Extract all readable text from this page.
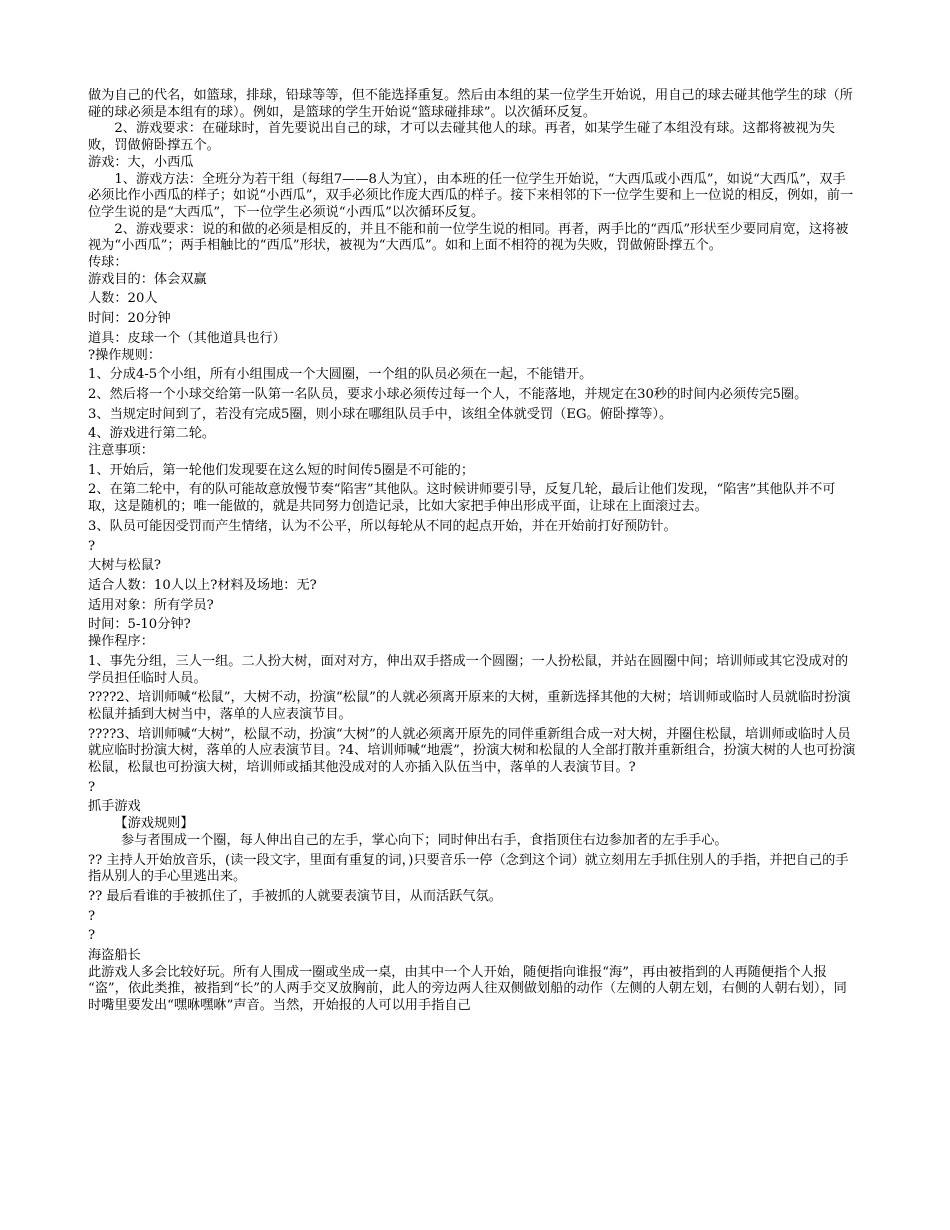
做为自己的代名，如篮球，排球，铅球等等，但不能选择重复。然后由本组的某一位学生开始说，用自己的球去碰其他学生的球（所碰的球必须是本组有的球）。例如，是篮球的学生开始说“篮球碰排球”。以次循环反复。

2、游戏要求：在碰球时，首先要说出自己的球，才可以去碰其他人的球。再者，如某学生碰了本组没有球。这都将被视为失败，罚做俯卧撑五个。

游戏：大，小西瓜

1、游戏方法：全班分为若干组（每组7——8人为宜），由本班的任一位学生开始说，“大西瓜或小西瓜”，如说“大西瓜”，双手必须比作小西瓜的样子；如说“小西瓜”，双手必须比作庞大西瓜的样子。接下来相邻的下一位学生要和上一位说的相反，例如，前一位学生说的是“大西瓜”，下一位学生必须说“小西瓜”以次循环反复。

2、游戏要求：说的和做的必须是相反的，并且不能和前一位学生说的相同。再者，两手比的“西瓜”形状至少要同肩宽，这将被视为“小西瓜”；两手相触比的“西瓜”形状，被视为“大西瓜”。如和上面不相符的视为失败，罚做俯卧撑五个。

传球：

游戏目的：体会双赢

人数：20人

时间：20分钟

道具：皮球一个（其他道具也行）

?操作规则：

1、分成4-5个小组，所有小组围成一个大圆圈，一个组的队员必须在一起，不能错开。

2、然后将一个小球交给第一队第一名队员，要求小球必须传过每一个人，不能落地，并规定在30秒的时间内必须传完5圈。

3、当规定时间到了，若没有完成5圈，则小球在哪组队员手中，该组全体就受罚（EG。俯卧撑等）。

4、游戏进行第二轮。

注意事项：

1、开始后，第一轮他们发现要在这么短的时间传5圈是不可能的；

2、在第二轮中，有的队可能故意放慢节奏“陷害”其他队。这时候讲师要引导，反复几轮，最后让他们发现，“陷害”其他队并不可取，这是随机的；唯一能做的，就是共同努力创造记录，比如大家把手伸出形成平面，让球在上面滚过去。

3、队员可能因受罚而产生情绪，认为不公平，所以每轮从不同的起点开始，并在开始前打好预防针。

?

大树与松鼠?

适合人数：10人以上?材料及场地：无?

适用对象：所有学员?

时间：5-10分钟?

操作程序：

1、事先分组，三人一组。二人扮大树，面对对方，伸出双手搭成一个圆圈；一人扮松鼠，并站在圆圈中间；培训师或其它没成对的学员担任临时人员。

????2、培训师喊“松鼠”，大树不动，扮演“松鼠”的人就必须离开原来的大树，重新选择其他的大树；培训师或临时人员就临时扮演松鼠并插到大树当中，落单的人应表演节目。

????3、培训师喊“大树”，松鼠不动，扮演“大树”的人就必须离开原先的同伴重新组合成一对大树，并圈住松鼠，培训师或临时人员就应临时扮演大树，落单的人应表演节目。?4、培训师喊“地震”，扮演大树和松鼠的人全部打散并重新组合，扮演大树的人也可扮演松鼠，松鼠也可扮演大树，培训师或插其他没成对的人亦插入队伍当中，落单的人表演节目。?

?

抓手游戏

【游戏规则】

参与者围成一个圈，每人伸出自己的左手，掌心向下；同时伸出右手，食指顶住右边参加者的左手手心。

?? 主持人开始放音乐，(读一段文字，里面有重复的词，)只要音乐一停（念到这个词）就立刻用左手抓住别人的手指，并把自己的手指从别人的手心里逃出来。

?? 最后看谁的手被抓住了，手被抓的人就要表演节目，从而活跃气氛。

?

?

海盗船长

此游戏人多会比较好玩。所有人围成一圈或坐成一桌，由其中一个人开始，随便指向谁报“海”，再由被指到的人再随便指个人报 “盗”，依此类推，被指到“长”的人两手交叉放胸前，此人的旁边两人往双侧做划船的动作（左侧的人朝左划，右侧的人朝右划），同时嘴里要发出“嘿咻嘿咻”声音。当然，开始报的人可以用手指自己
